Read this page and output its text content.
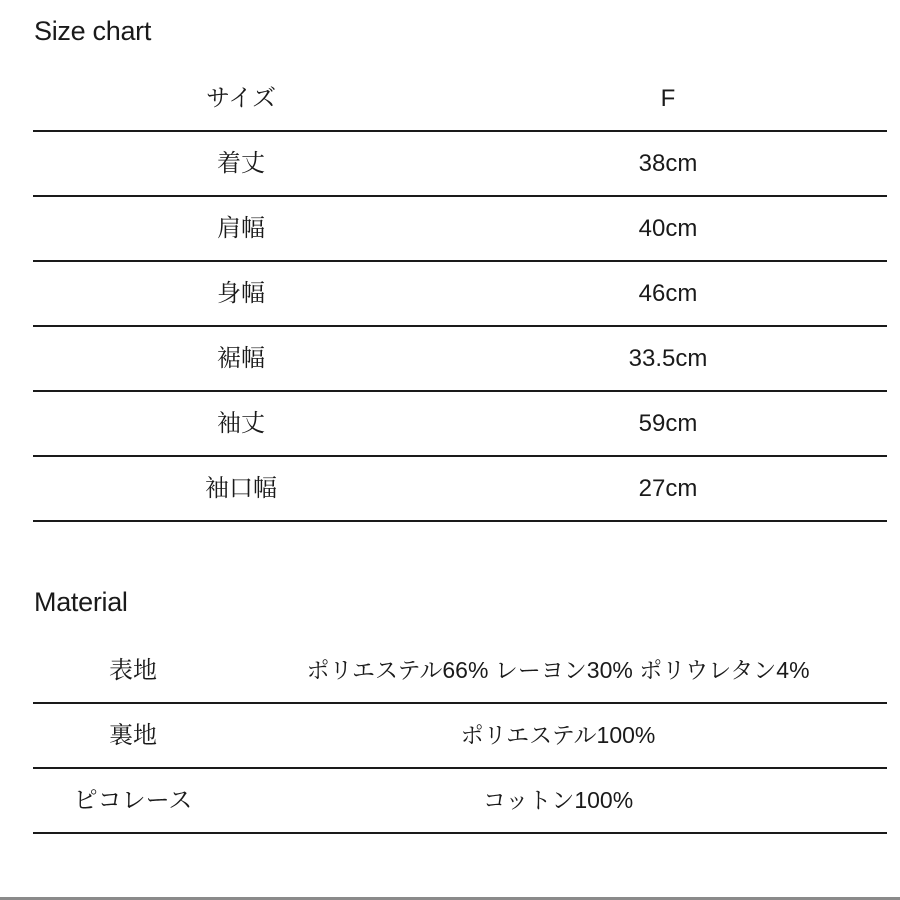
Size chart
サイズ	F
着丈	38cm
肩幅	40cm
身幅	46cm
裾幅	33.5cm
袖丈	59cm
袖口幅	27cm
Material
表地	ポリエステル66% レーヨン30% ポリウレタン4%
裏地	ポリエステル100%
ピコレース	コットン100%
